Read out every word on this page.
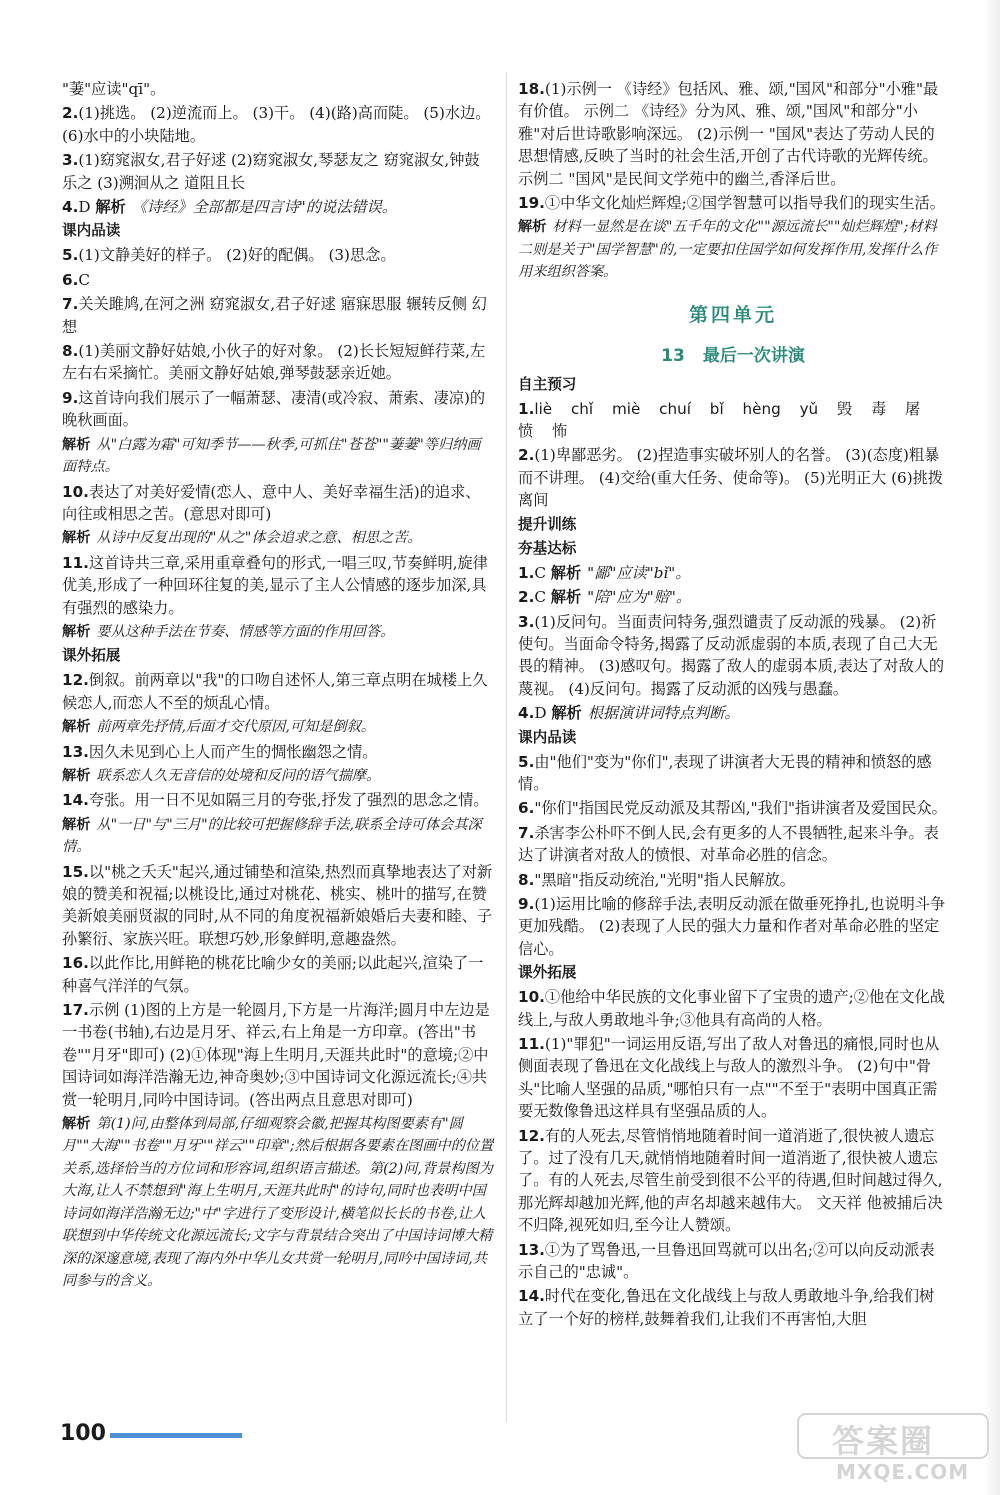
"萋"应读"qī"。
2.(1)挑选。 (2)逆流而上。 (3)干。 (4)(路)高而陡。 (5)水边。 (6)水中的小块陆地。
3.(1)窈窕淑女,君子好逑 (2)窈窕淑女,琴瑟友之 窈窕淑女,钟鼓乐之 (3)溯洄从之 道阻且长
4.D 解析 《诗经》全部都是四言诗"的说法错误。
课内品读
5.(1)文静美好的样子。 (2)好的配偶。 (3)思念。
6.C
7.关关雎鸠,在河之洲 窈窕淑女,君子好逑 寤寐思服 辗转反侧 幻想
8.(1)美丽文静好姑娘,小伙子的好对象。 (2)长长短短鲜荇菜,左左右右采摘忙。美丽文静好姑娘,弹琴鼓瑟亲近她。
9.这首诗向我们展示了一幅萧瑟、凄清(或冷寂、萧索、凄凉)的晚秋画面。
解析 从"白露为霜"可知季节——秋季,可抓住"苍苍""萋萋"等归纳画面特点。
10.表达了对美好爱情(恋人、意中人、美好幸福生活)的追求、向往或相思之苦。(意思对即可)
解析 从诗中反复出现的"从之"体会追求之意、相思之苦。
11.这首诗共三章,采用重章叠句的形式,一唱三叹,节奏鲜明,旋律优美,形成了一种回环往复的美,显示了主人公情感的逐步加深,具有强烈的感染力。
解析 要从这种手法在节奏、情感等方面的作用回答。
课外拓展
12.倒叙。前两章以"我"的口吻自述怀人,第三章点明在城楼上久候恋人,而恋人不至的烦乱心情。
解析 前两章先抒情,后面才交代原因,可知是倒叙。
13.因久未见到心上人而产生的惆怅幽怨之情。
解析 联系恋人久无音信的处境和反问的语气揣摩。
14.夸张。用一日不见如隔三月的夸张,抒发了强烈的思念之情。
解析 从"一日"与"三月"的比较可把握修辞手法,联系全诗可体会其深情。
15.以"桃之夭夭"起兴,通过铺垫和渲染,热烈而真挚地表达了对新娘的赞美和祝福;以桃设比,通过对桃花、桃实、桃叶的描写,在赞美新娘美丽贤淑的同时,从不同的角度祝福新娘婚后夫妻和睦、子孙繁衍、家族兴旺。联想巧妙,形象鲜明,意趣盎然。
16.以此作比,用鲜艳的桃花比喻少女的美丽;以此起兴,渲染了一种喜气洋洋的气氛。
17.示例 (1)图的上方是一轮圆月,下方是一片海洋;圆月中左边是一书卷(书轴),右边是月牙、祥云,右上角是一方印章。(答出"书卷""月牙"即可) (2)①体现"海上生明月,天涯共此时"的意境;②中国诗词如海洋浩瀚无边,神奇奥妙;③中国诗词文化源远流长;④共赏一轮明月,同吟中国诗词。(答出两点且意思对即可)
解析 第(1)问,由整体到局部,仔细观察会徽,把握其构图要素有"圆月""大海""书卷""月牙""祥云""印章";然后根据各要素在图画中的位置关系,选择恰当的方位词和形容词,组织语言描述。第(2)问,背景构图为大海,让人不禁想到"海上生明月,天涯共此时"的诗句,同时也表明中国诗词如海洋浩瀚无边;"中"字进行了变形设计,横笔似长长的书卷,让人联想到中华传统文化源远流长;文字与背景结合突出了中国诗词博大精深的深邃意境,表现了海内外中华儿女共赏一轮明月,同吟中国诗词,共同参与的含义。
18.(1)示例一 《诗经》包括风、雅、颂,"国风"和部分"小雅"最有价值。 示例二 《诗经》分为风、雅、颂,"国风"和部分"小雅"对后世诗歌影响深远。 (2)示例一 "国风"表达了劳动人民的思想情感,反映了当时的社会生活,开创了古代诗歌的光辉传统。 示例二 "国风"是民间文学苑中的幽兰,香泽后世。
19.①中华文化灿烂辉煌;②国学智慧可以指导我们的现实生活。
解析 材料一显然是在谈"五千年的文化""源远流长""灿烂辉煌";材料二则是关于"国学智慧"的,一定要扣住国学如何发挥作用,发挥什么作用来组织答案。
第四单元
13 最后一次讲演
自主预习
1.liè chǐ miè chuí bǐ hèng yǔ 毁 毒 屠 愤 怖
2.(1)卑鄙恶劣。 (2)捏造事实破坏别人的名誉。 (3)(态度)粗暴而不讲理。 (4)交给(重大任务、使命等)。 (5)光明正大 (6)挑拨离间
提升训练
夯基达标
1.C 解析 "鄙"应读"bǐ"。
2.C 解析 "陪"应为"赔"。
3.(1)反问句。当面责问特务,强烈谴责了反动派的残暴。 (2)祈使句。当面命令特务,揭露了反动派虚弱的本质,表现了自己大无畏的精神。 (3)感叹句。揭露了敌人的虚弱本质,表达了对敌人的蔑视。 (4)反问句。揭露了反动派的凶残与愚蠢。
4.D 解析 根据演讲词特点判断。
课内品读
5.由"他们"变为"你们",表现了讲演者大无畏的精神和愤怒的感情。
6."你们"指国民党反动派及其帮凶,"我们"指讲演者及爱国民众。
7.杀害李公朴吓不倒人民,会有更多的人不畏牺牲,起来斗争。表达了讲演者对敌人的愤恨、对革命必胜的信念。
8."黑暗"指反动统治,"光明"指人民解放。
9.(1)运用比喻的修辞手法,表明反动派在做垂死挣扎,也说明斗争更加残酷。 (2)表现了人民的强大力量和作者对革命必胜的坚定信心。
课外拓展
10.①他给中华民族的文化事业留下了宝贵的遗产;②他在文化战线上,与敌人勇敢地斗争;③他具有高尚的人格。
11.(1)"罪犯"一词运用反语,写出了敌人对鲁迅的痛恨,同时也从侧面表现了鲁迅在文化战线上与敌人的激烈斗争。 (2)句中"骨头"比喻人坚强的品质,"哪怕只有一点""不至于"表明中国真正需要无数像鲁迅这样具有坚强品质的人。
12.有的人死去,尽管悄悄地随着时间一道消逝了,很快被人遗忘了。过了没有几天,就悄悄地随着时间一道消逝了,很快被人遗忘了。有的人死去,尽管生前受到很不公平的待遇,但时间越过得久,那光辉却越加光辉,他的声名却越来越伟大。 文天祥 他被捕后决不归降,视死如归,至今让人赞颂。
13.①为了骂鲁迅,一旦鲁迅回骂就可以出名;②可以向反动派表示自己的"忠诚"。
14.时代在变化,鲁迅在文化战线上与敌人勇敢地斗争,给我们树立了一个好的榜样,鼓舞着我们,让我们不再害怕,大胆
100	答案圈
MXQE.COM
